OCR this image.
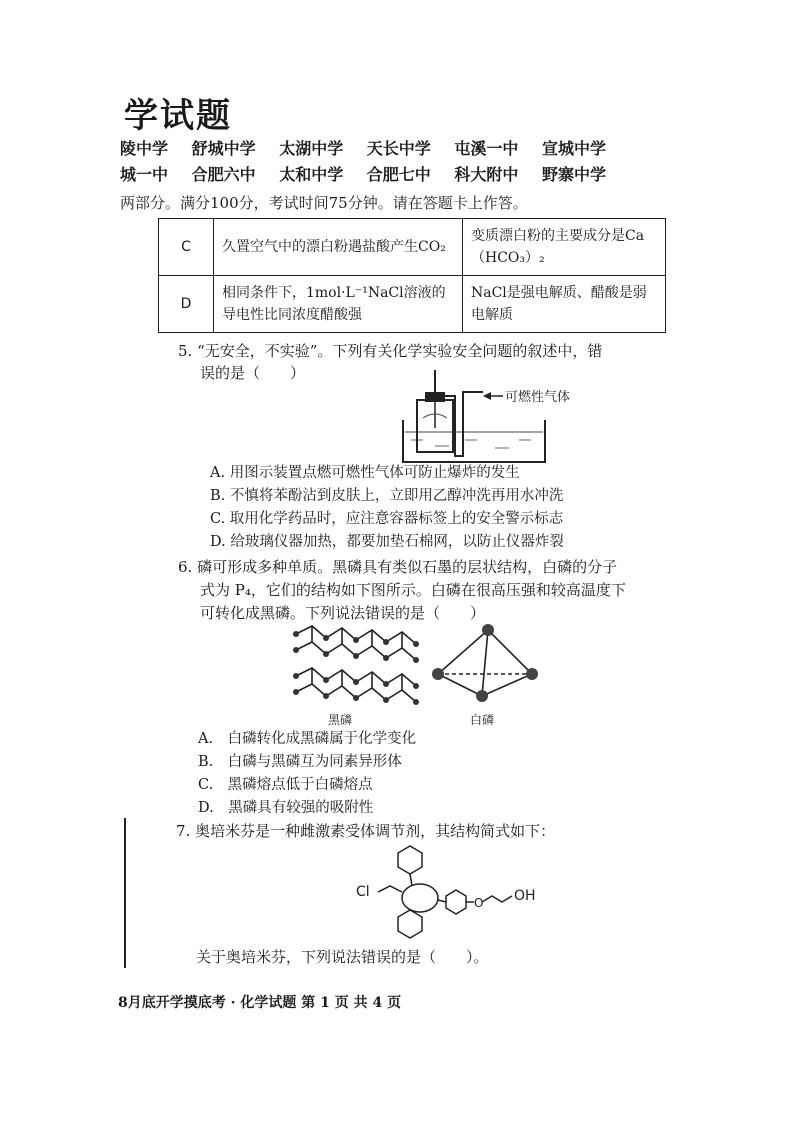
学试题
陵中学 舒城中学 太湖中学 天长中学 屯溪一中 宣城中学
城一中 合肥六中 太和中学 合肥七中 科大附中 野寨中学
两部分。满分100分，考试时间75分钟。请在答题卡上作答。
C	久置空气中的漂白粉遇盐酸产生CO₂	变质漂白粉的主要成分是Ca（HCO₃）₂
D	相同条件下，1mol·L⁻¹NaCl溶液的导电性比同浓度醋酸强	NaCl是强电解质、醋酸是弱电解质
5. “无安全，不实验”。下列有关化学实验安全问题的叙述中，错
误的是（　　）
可燃性气体
A. 用图示装置点燃可燃性气体可防止爆炸的发生
B. 不慎将苯酚沾到皮肤上，立即用乙醇冲洗再用水冲洗
C. 取用化学药品时，应注意容器标签上的安全警示标志
D. 给玻璃仪器加热，都要加垫石棉网，以防止仪器炸裂
6. 磷可形成多种单质。黑磷具有类似石墨的层状结构，白磷的分子
式为 P₄，它们的结构如下图所示。白磷在很高压强和较高温度下
可转化成黑磷。下列说法错误的是（　　）
黑磷	白磷
A.　白磷转化成黑磷属于化学变化
B.　白磷与黑磷互为同素异形体
C.　黑磷熔点低于白磷熔点
D.　黑磷具有较强的吸附性
7. 奥培米芬是一种雌激素受体调节剂，其结构简式如下：
Cl
O OH
关于奥培米芬，下列说法错误的是（　　）。
8月底开学摸底考 · 化学试题 第 1 页 共 4 页
